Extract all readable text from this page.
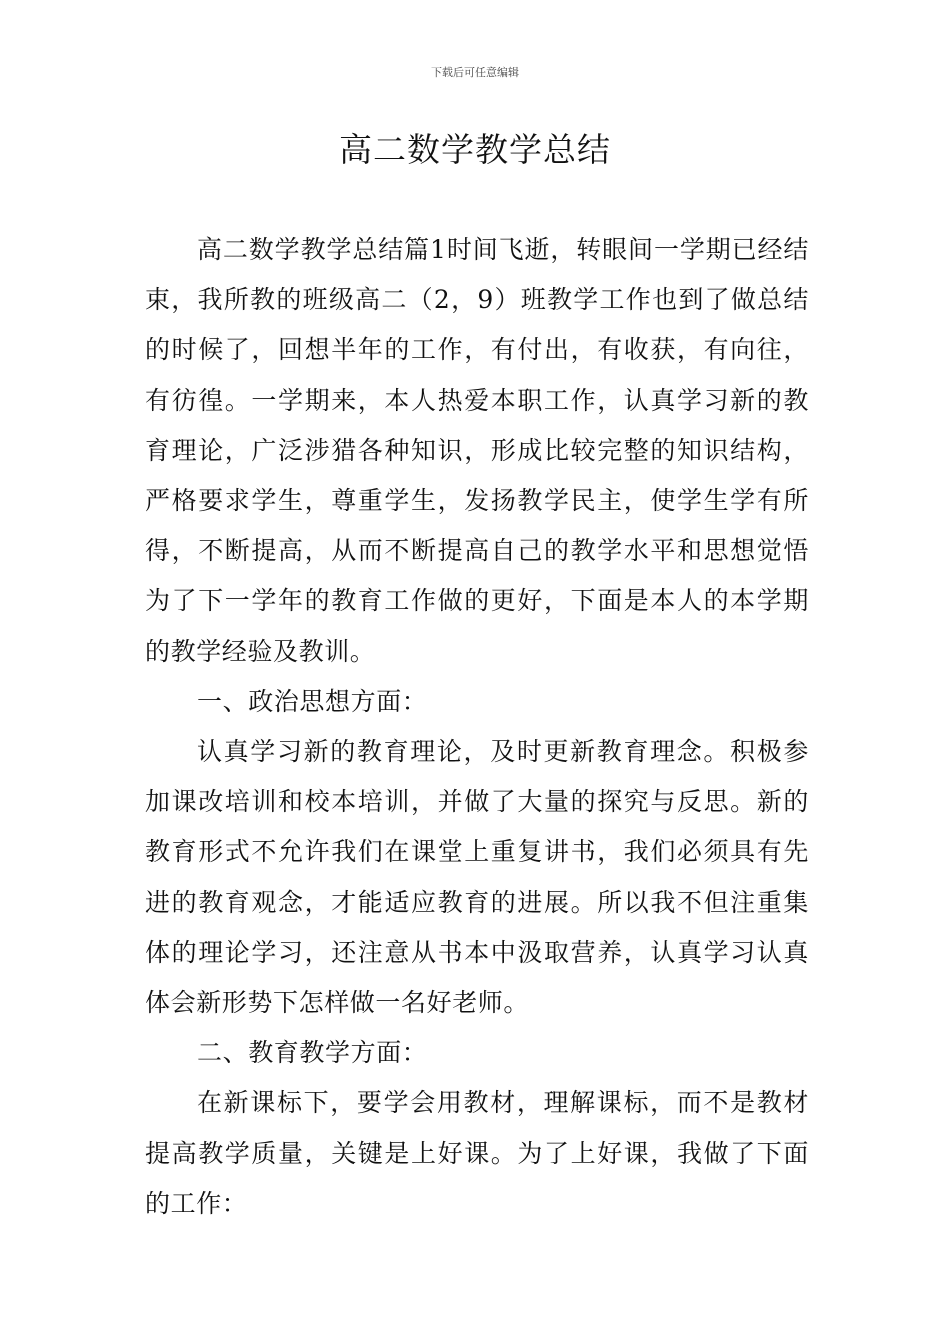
下载后可任意编辑
高二数学教学总结

高二数学教学总结篇1时间飞逝，转眼间一学期已经结束，我所教的班级高二（2，9）班教学工作也到了做总结的时候了，回想半年的工作，有付出，有收获，有向往，有彷徨。一学期来，本人热爱本职工作，认真学习新的教育理论，广泛涉猎各种知识，形成比较完整的知识结构，严格要求学生，尊重学生，发扬教学民主，使学生学有所得，不断提高，从而不断提高自己的教学水平和思想觉悟为了下一学年的教育工作做的更好，下面是本人的本学期的教学经验及教训。

一、政治思想方面：

认真学习新的教育理论，及时更新教育理念。积极参加课改培训和校本培训，并做了大量的探究与反思。新的教育形式不允许我们在课堂上重复讲书，我们必须具有先进的教育观念，才能适应教育的进展。所以我不但注重集体的理论学习，还注意从书本中汲取营养，认真学习认真体会新形势下怎样做一名好老师。

二、教育教学方面：

在新课标下，要学会用教材，理解课标，而不是教材提高教学质量，关键是上好课。为了上好课，我做了下面的工作：
